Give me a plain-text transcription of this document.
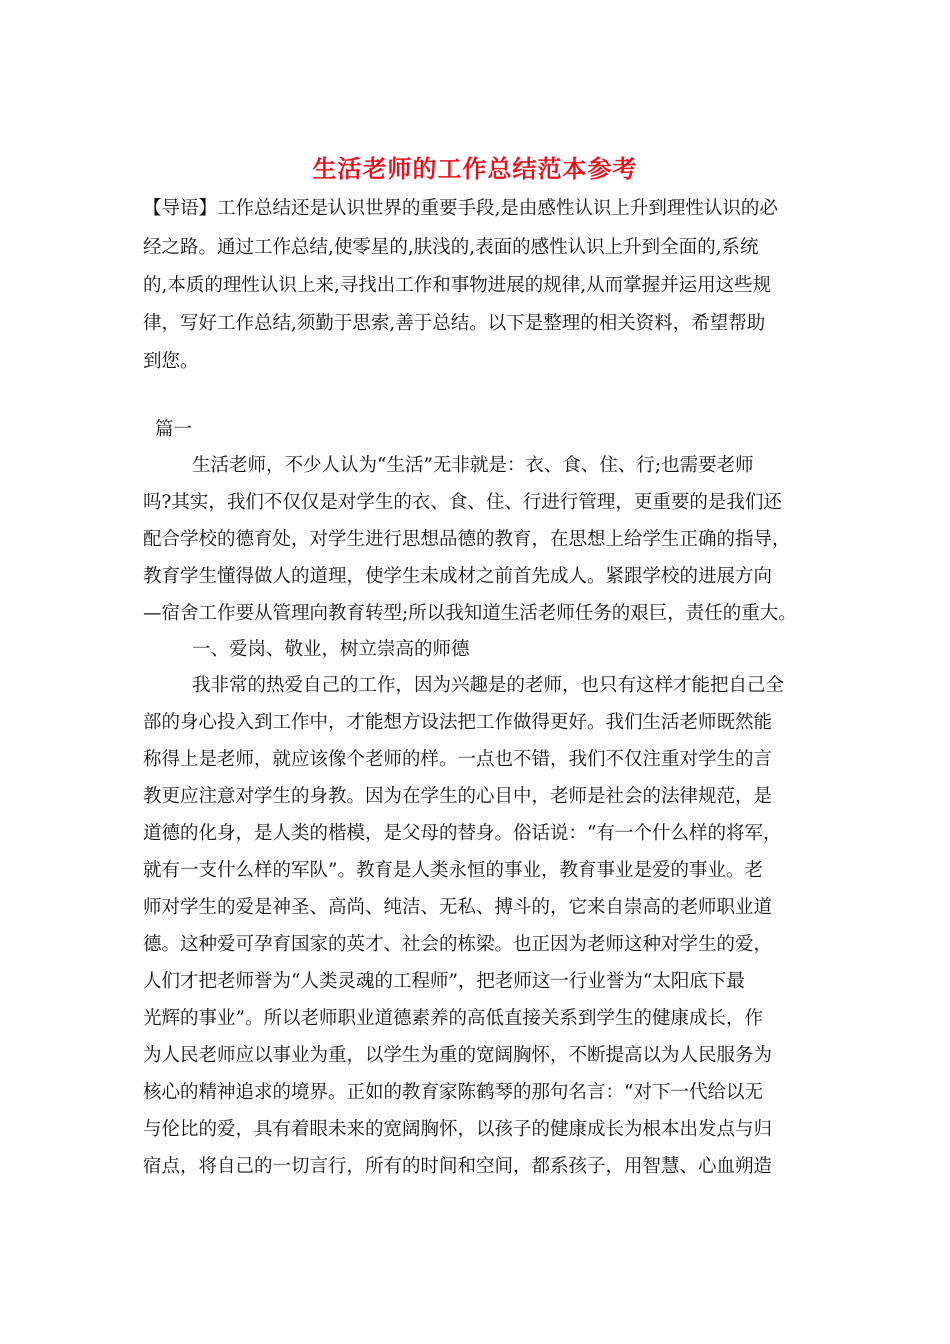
生活老师的工作总结范本参考
【导语】工作总结还是认识世界的重要手段,是由感性认识上升到理性认识的必
经之路。通过工作总结,使零星的,肤浅的,表面的感性认识上升到全面的,系统
的,本质的理性认识上来,寻找出工作和事物进展的规律,从而掌握并运用这些规
律，写好工作总结,须勤于思索,善于总结。以下是整理的相关资料，希望帮助
到您。
篇一
生活老师，不少人认为“生活”无非就是：衣、食、住、行;也需要老师
吗?其实，我们不仅仅是对学生的衣、食、住、行进行管理，更重要的是我们还
配合学校的德育处，对学生进行思想品德的教育，在思想上给学生正确的指导，
教育学生懂得做人的道理，使学生未成材之前首先成人。紧跟学校的进展方向
—宿舍工作要从管理向教育转型;所以我知道生活老师任务的艰巨，责任的重大。
一、爱岗、敬业，树立崇高的师德
我非常的热爱自己的工作，因为兴趣是的老师，也只有这样才能把自己全
部的身心投入到工作中，才能想方设法把工作做得更好。我们生活老师既然能
称得上是老师，就应该像个老师的样。一点也不错，我们不仅注重对学生的言
教更应注意对学生的身教。因为在学生的心目中，老师是社会的法律规范，是
道德的化身，是人类的楷模，是父母的替身。俗话说：“有一个什么样的将军，
就有一支什么样的军队”。教育是人类永恒的事业，教育事业是爱的事业。老
师对学生的爱是神圣、高尚、纯洁、无私、搏斗的，它来自崇高的老师职业道
德。这种爱可孕育国家的英才、社会的栋梁。也正因为老师这种对学生的爱，
人们才把老师誉为“人类灵魂的工程师”，把老师这一行业誉为“太阳底下最
光辉的事业”。所以老师职业道德素养的高低直接关系到学生的健康成长，作
为人民老师应以事业为重，以学生为重的宽阔胸怀，不断提高以为人民服务为
核心的精神追求的境界。正如的教育家陈鹤琴的那句名言：“对下一代给以无
与伦比的爱，具有着眼未来的宽阔胸怀，以孩子的健康成长为根本出发点与归
宿点，将自己的一切言行，所有的时间和空间，都系孩子，用智慧、心血朔造
